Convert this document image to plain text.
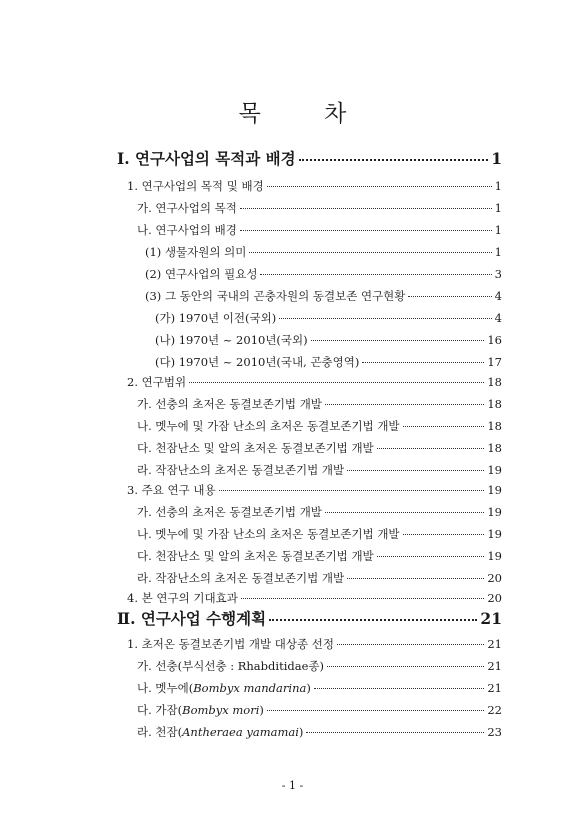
목 차
Ⅰ. 연구사업의 목적과 배경	1
1. 연구사업의 목적 및 배경	1
가. 연구사업의 목적	1
나. 연구사업의 배경	1
(1) 생물자원의 의미	1
(2) 연구사업의 필요성	3
(3) 그 동안의 국내의 곤충자원의 동결보존 연구현황	4
(가) 1970년 이전(국외)	4
(나) 1970년 ~ 2010년(국외)	16
(다) 1970년 ~ 2010년(국내, 곤충영역)	17
2. 연구범위	18
가. 선충의 초저온 동결보존기법 개발	18
나. 멧누에 및 가잠 난소의 초저온 동결보존기법 개발	18
다. 천잠난소 및 알의 초저온 동결보존기법 개발	18
라. 작잠난소의 초저온 동결보존기법 개발	19
3. 주요 연구 내용	19
가. 선충의 초저온 동결보존기법 개발	19
나. 멧누에 및 가잠 난소의 초저온 동결보존기법 개발	19
다. 천잠난소 및 알의 초저온 동결보존기법 개발	19
라. 작잠난소의 초저온 동결보존기법 개발	20
4. 본 연구의 기대효과	20
Ⅱ. 연구사업 수행계획	21
1. 초저온 동결보존기법 개발 대상종 선정	21
가. 선충(부식선충 : Rhabditidae종)	21
나. 멧누에(Bombyx mandarina)	21
다. 가잠(Bombyx mori)	22
라. 천잠(Antheraea yamamai)	23
- 1 -
